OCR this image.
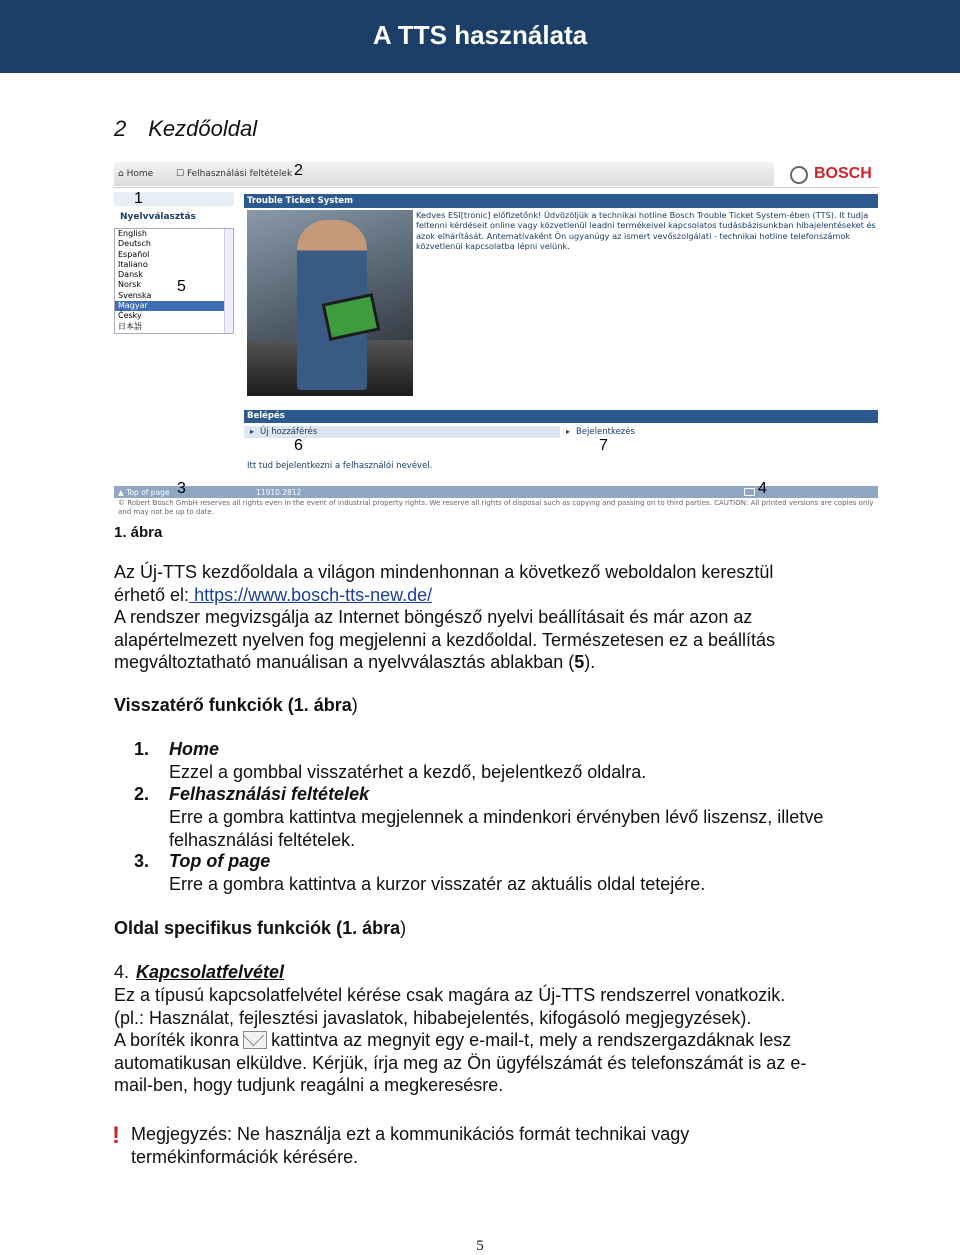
A TTS használata
2 Kezdőoldal
⌂ Home	☐ Felhasználási feltételek	BOSCH
Nyelvválasztás
English
Deutsch
Español
Italiano
Dansk
Norsk
Svenska
Magyar
Česky
日本語
Trouble Ticket System
Kedves ESI[tronic] előfizetőnk! Üdvözöljük a technikai hotline Bosch Trouble Ticket System-ében (TTS). It tudja feltenni kérdéseit online vagy közvetlenül leadni termékeivel kapcsolatos tudásbázisunkban hibajelentéseket és azok elhárítását. Antematívaként Ön ugyanúgy az ismert vevőszolgálati - technikai hotline telefonszámok közvetlenül kapcsolatba lépni velünk.
Belépés
▸ Új hozzáférés
▸	Bejelentkezés
Itt tud bejelentkezni a felhasználói nevével.
▲ Top of page	11910.2812
© Robert Bosch GmbH reserves all rights even in the event of industrial property rights. We reserve all rights of disposal such as copying and passing on to third parties. CAUTION: All printed versions are copies only and may not be up to date.
1
2
3	4
5
6	7
1. ábra
Az Új-TTS kezdőoldala a világon mindenhonnan a következő weboldalon keresztül
érhető el: https://www.bosch-tts-new.de/
A rendszer megvizsgálja az Internet böngésző nyelvi beállításait és már azon az
alapértelmezett nyelven fog megjelenni a kezdőoldal. Természetesen ez a beállítás
megváltoztatható manuálisan a nyelvválasztás ablakban (5).
Visszatérő funkciók (1. ábra)
1. Home
Ezzel a gombbal visszatérhet a kezdő, bejelentkező oldalra.
2. Felhasználási feltételek
Erre a gombra kattintva megjelennek a mindenkori érvényben lévő liszensz, illetve felhasználási feltételek.
3. Top of page
Erre a gombra kattintva a kurzor visszatér az aktuális oldal tetejére.
Oldal specifikus funkciók (1. ábra)
4. Kapcsolatfelvétel
Ez a típusú kapcsolatfelvétel kérése csak magára az Új-TTS rendszerrel vonatkozik.
(pl.: Használat, fejlesztési javaslatok, hibabejelentés, kifogásoló megjegyzések).
A boríték ikonra kattintva az megnyit egy e-mail-t, mely a rendszergazdáknak lesz
automatikusan elküldve. Kérjük, írja meg az Ön ügyfélszámát és telefonszámát is az e-
mail-ben, hogy tudjunk reagálni a megkeresésre.
! Megjegyzés: Ne használja ezt a kommunikációs formát technikai vagy
termékinformációk kérésére.
5
